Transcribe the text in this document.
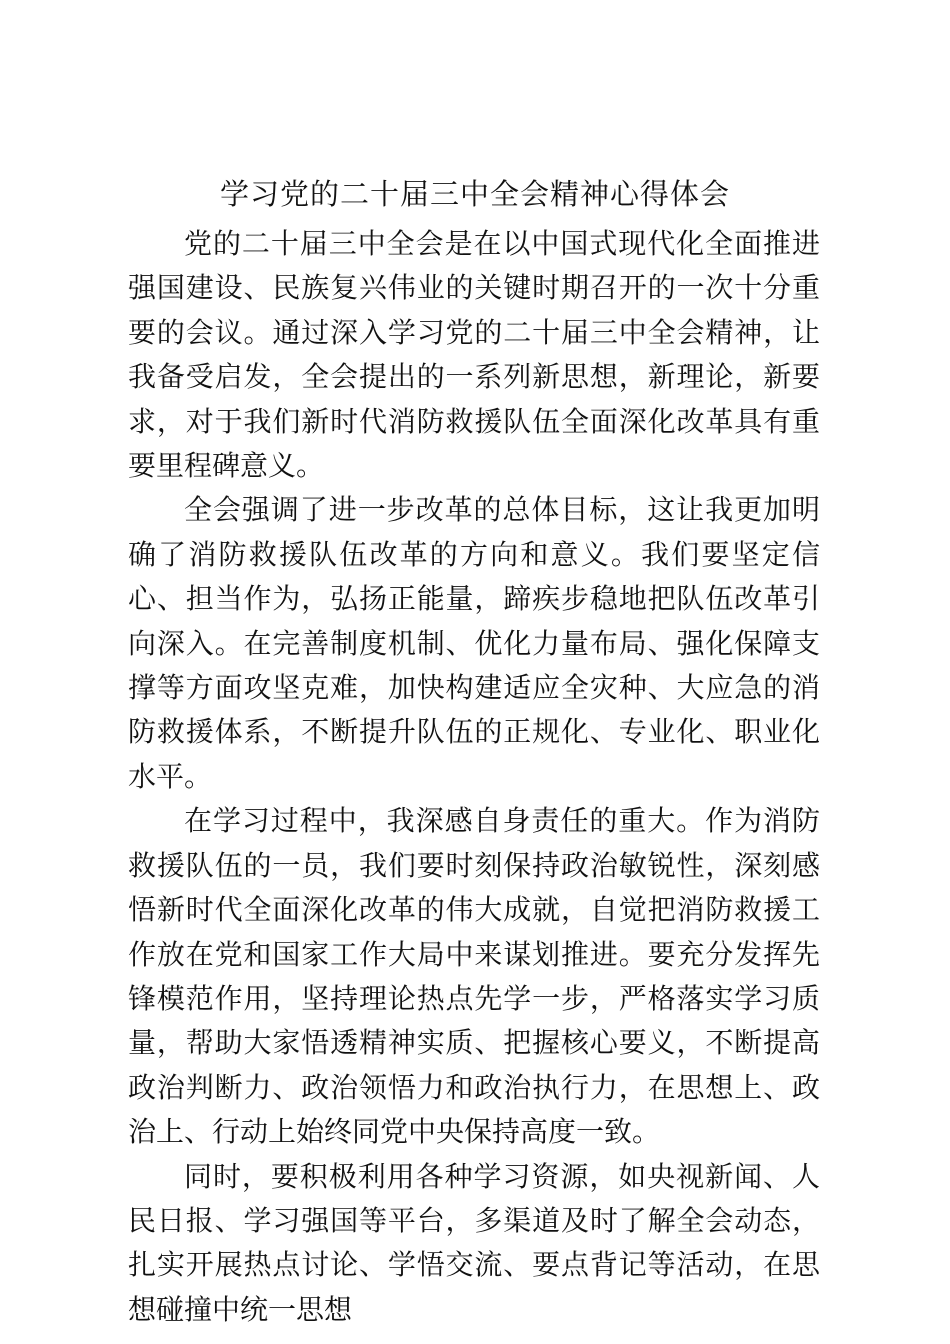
学习党的二十届三中全会精神心得体会

党的二十届三中全会是在以中国式现代化全面推进强国建设、民族复兴伟业的关键时期召开的一次十分重要的会议。通过深入学习党的二十届三中全会精神，让我备受启发，全会提出的一系列新思想，新理论，新要求，对于我们新时代消防救援队伍全面深化改革具有重要里程碑意义。

全会强调了进一步改革的总体目标，这让我更加明确了消防救援队伍改革的方向和意义。我们要坚定信心、担当作为，弘扬正能量，蹄疾步稳地把队伍改革引向深入。在完善制度机制、优化力量布局、强化保障支撑等方面攻坚克难，加快构建适应全灾种、大应急的消防救援体系，不断提升队伍的正规化、专业化、职业化水平。

在学习过程中，我深感自身责任的重大。作为消防救援队伍的一员，我们要时刻保持政治敏锐性，深刻感悟新时代全面深化改革的伟大成就，自觉把消防救援工作放在党和国家工作大局中来谋划推进。要充分发挥先锋模范作用，坚持理论热点先学一步，严格落实学习质量，帮助大家悟透精神实质、把握核心要义，不断提高政治判断力、政治领悟力和政治执行力，在思想上、政治上、行动上始终同党中央保持高度一致。

同时，要积极利用各种学习资源，如央视新闻、人民日报、学习强国等平台，多渠道及时了解全会动态，扎实开展热点讨论、学悟交流、要点背记等活动，在思想碰撞中统一思想
